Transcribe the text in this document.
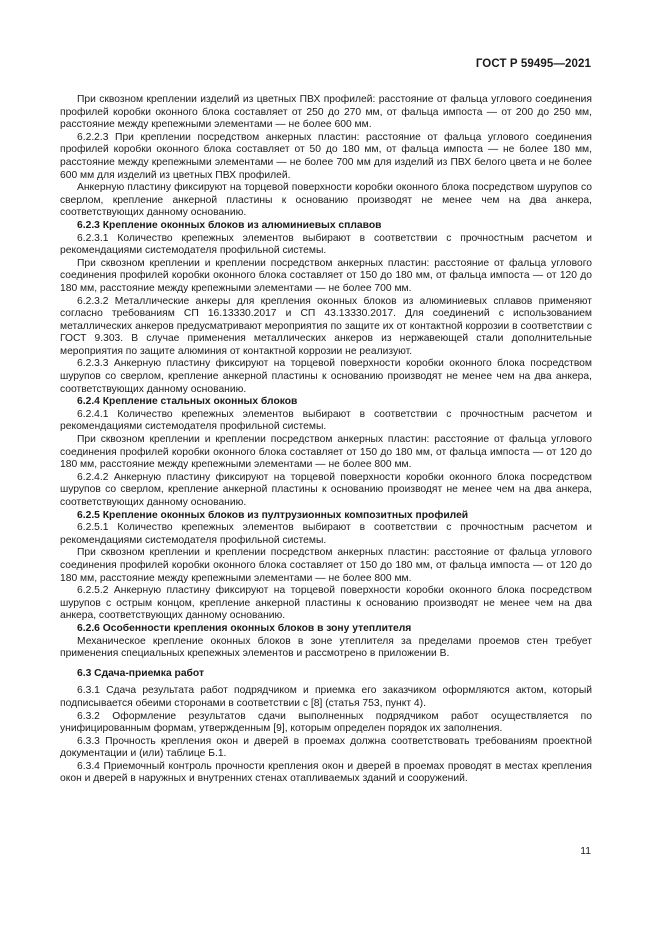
ГОСТ Р 59495—2021

При сквозном креплении изделий из цветных ПВХ профилей: расстояние от фальца углового соединения профилей коробки оконного блока составляет от 250 до 270 мм, от фальца импоста — от 200 до 250 мм, расстояние между крепежными элементами — не более 600 мм.

6.2.2.3 При креплении посредством анкерных пластин: расстояние от фальца углового соединения профилей коробки оконного блока составляет от 50 до 180 мм, от фальца импоста — не более 180 мм, расстояние между крепежными элементами — не более 700 мм для изделий из ПВХ белого цвета и не более 600 мм для изделий из цветных ПВХ профилей.

Анкерную пластину фиксируют на торцевой поверхности коробки оконного блока посредством шурупов со сверлом, крепление анкерной пластины к основанию производят не менее чем на два анкера, соответствующих данному основанию.

6.2.3 Крепление оконных блоков из алюминиевых сплавов

6.2.3.1 Количество крепежных элементов выбирают в соответствии с прочностным расчетом и рекомендациями системодателя профильной системы.

При сквозном креплении и креплении посредством анкерных пластин: расстояние от фальца углового соединения профилей коробки оконного блока составляет от 150 до 180 мм, от фальца импоста — от 120 до 180 мм, расстояние между крепежными элементами — не более 700 мм.

6.2.3.2 Металлические анкеры для крепления оконных блоков из алюминиевых сплавов применяют согласно требованиям СП 16.13330.2017 и СП 43.13330.2017. Для соединений с использованием металлических анкеров предусматривают мероприятия по защите их от контактной коррозии в соответствии с ГОСТ 9.303. В случае применения металлических анкеров из нержавеющей стали дополнительные мероприятия по защите алюминия от контактной коррозии не реализуют.

6.2.3.3 Анкерную пластину фиксируют на торцевой поверхности коробки оконного блока посредством шурупов со сверлом, крепление анкерной пластины к основанию производят не менее чем на два анкера, соответствующих данному основанию.

6.2.4 Крепление стальных оконных блоков

6.2.4.1 Количество крепежных элементов выбирают в соответствии с прочностным расчетом и рекомендациями системодателя профильной системы.

При сквозном креплении и креплении посредством анкерных пластин: расстояние от фальца углового соединения профилей коробки оконного блока составляет от 150 до 180 мм, от фальца импоста — от 120 до 180 мм, расстояние между крепежными элементами — не более 800 мм.

6.2.4.2 Анкерную пластину фиксируют на торцевой поверхности коробки оконного блока посредством шурупов со сверлом, крепление анкерной пластины к основанию производят не менее чем на два анкера, соответствующих данному основанию.

6.2.5 Крепление оконных блоков из пултрузионных композитных профилей

6.2.5.1 Количество крепежных элементов выбирают в соответствии с прочностным расчетом и рекомендациями системодателя профильной системы.

При сквозном креплении и креплении посредством анкерных пластин: расстояние от фальца углового соединения профилей коробки оконного блока составляет от 150 до 180 мм, от фальца импоста — от 120 до 180 мм, расстояние между крепежными элементами — не более 800 мм.

6.2.5.2 Анкерную пластину фиксируют на торцевой поверхности коробки оконного блока посредством шурупов с острым концом, крепление анкерной пластины к основанию производят не менее чем на два анкера, соответствующих данному основанию.

6.2.6 Особенности крепления оконных блоков в зону утеплителя

Механическое крепление оконных блоков в зоне утеплителя за пределами проемов стен требует применения специальных крепежных элементов и рассмотрено в приложении В.

6.3 Сдача-приемка работ

6.3.1 Сдача результата работ подрядчиком и приемка его заказчиком оформляются актом, который подписывается обеими сторонами в соответствии с [8] (статья 753, пункт 4).

6.3.2 Оформление результатов сдачи выполненных подрядчиком работ осуществляется по унифицированным формам, утвержденным [9], которым определен порядок их заполнения.

6.3.3 Прочность крепления окон и дверей в проемах должна соответствовать требованиям проектной документации и (или) таблице Б.1.

6.3.4 Приемочный контроль прочности крепления окон и дверей в проемах проводят в местах крепления окон и дверей в наружных и внутренних стенах отапливаемых зданий и сооружений.

11
